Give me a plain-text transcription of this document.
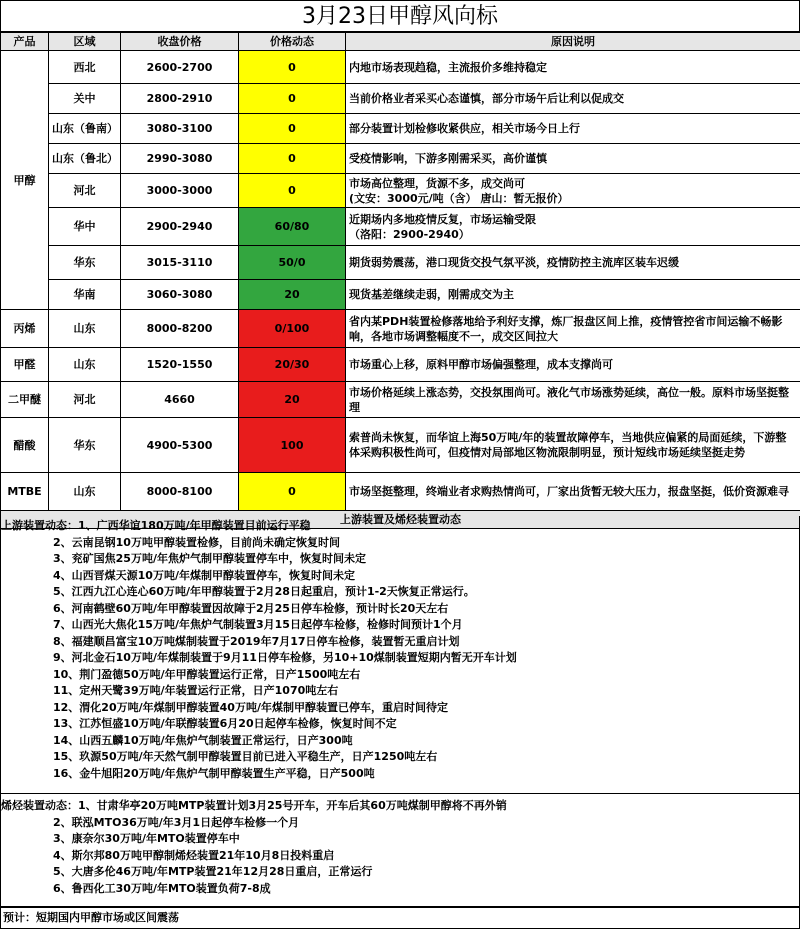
3月23日甲醇风向标
产品	区域	收盘价格	价格动态	原因说明
甲醇	西北	2600-2700	0	内地市场表现趋稳，主流报价多维持稳定
	关中	2800-2910	0	当前价格业者采买心态谨慎，部分市场午后让利以促成交
	山东（鲁南）	3080-3100	0	部分装置计划检修收紧供应，相关市场今日上行
	山东（鲁北）	2990-3080	0	受疫情影响，下游多刚需采买，高价谨慎
	河北	3000-3000	0	市场高位整理，货源不多，成交尚可
(文安：3000元/吨（含） 唐山：暂无报价）

	华中	2900-2940	60/80	近期场内多地疫情反复，市场运输受限
（洛阳：2900-2940）

	华东	3015-3110	50/0	期货弱势震荡，港口现货交投气氛平淡，疫情防控主流库区装车迟缓
	华南	3060-3080	20	现货基差继续走弱，刚需成交为主
丙烯	山东	8000-8200	0/100	省内某PDH装置检修落地给予利好支撑，炼厂报盘区间上推，疫情管控省市间运输不畅影响，各地市场调整幅度不一，成交区间拉大
甲醛	山东	1520-1550	20/30	市场重心上移，原料甲醇市场偏强整理，成本支撑尚可
二甲醚	河北	4660	20	市场价格延续上涨态势，交投氛围尚可。液化气市场涨势延续，高位一般。原料市场坚挺整理
醋酸	华东	4900-5300	100	索普尚未恢复，而华谊上海50万吨/年的装置故障停车，当地供应偏紧的局面延续，下游整体采购积极性尚可，但疫情对局部地区物流限制明显，预计短线市场延续坚挺走势
MTBE	山东	8000-8100	0	市场坚挺整理，终端业者求购热情尚可，厂家出货暂无较大压力，报盘坚挺，低价资源难寻
上游装置及烯烃装置动态				
上游装置动态：1、广西华谊180万吨/年甲醇装置目前运行平稳
2、云南昆钢10万吨甲醇装置检修，目前尚未确定恢复时间
3、兖矿国焦25万吨/年焦炉气制甲醇装置停车中，恢复时间未定
4、山西晋煤天源10万吨/年煤制甲醇装置停车，恢复时间未定
5、江西九江心连心60万吨/年甲醇装置于2月28日起重启，预计1-2天恢复正常运行。
6、河南鹤壁60万吨/年甲醇装置因故障于2月25日停车检修，预计时长20天左右
7、山西光大焦化15万吨/年焦炉气制装置3月15日起停车检修，检修时间预计1个月
8、福建顺昌富宝10万吨煤制装置于2019年7月17日停车检修，装置暂无重启计划
9、河北金石10万吨/年煤制装置于9月11日停车检修，另10+10煤制装置短期内暂无开车计划
10、荆门盈德50万吨/年甲醇装置运行正常，日产1500吨左右
11、定州天鹭39万吨/年装置运行正常，日产1070吨左右
12、渭化20万吨/年煤制甲醇装置40万吨/年煤制甲醇装置已停车，重启时间待定
13、江苏恒盛10万吨/年联醇装置6月20日起停车检修，恢复时间不定
14、山西五麟10万吨/年焦炉气制装置正常运行，日产300吨
15、玖源50万吨/年天然气制甲醇装置目前已进入平稳生产，日产1250吨左右
16、金牛旭阳20万吨/年焦炉气制甲醇装置生产平稳，日产500吨
烯烃装置动态：1、甘肃华亭20万吨MTP装置计划3月25号开车，开车后其60万吨煤制甲醇将不再外销
2、联泓MTO36万吨/年3月1日起停车检修一个月
3、康奈尔30万吨/年MTO装置停车中
4、斯尔邦80万吨甲醇制烯烃装置21年10月8日投料重启
5、大唐多伦46万吨/年MTP装置21年12月28日重启，正常运行
6、鲁西化工30万吨/年MTO装置负荷7-8成
预计：短期国内甲醇市场或区间震荡
